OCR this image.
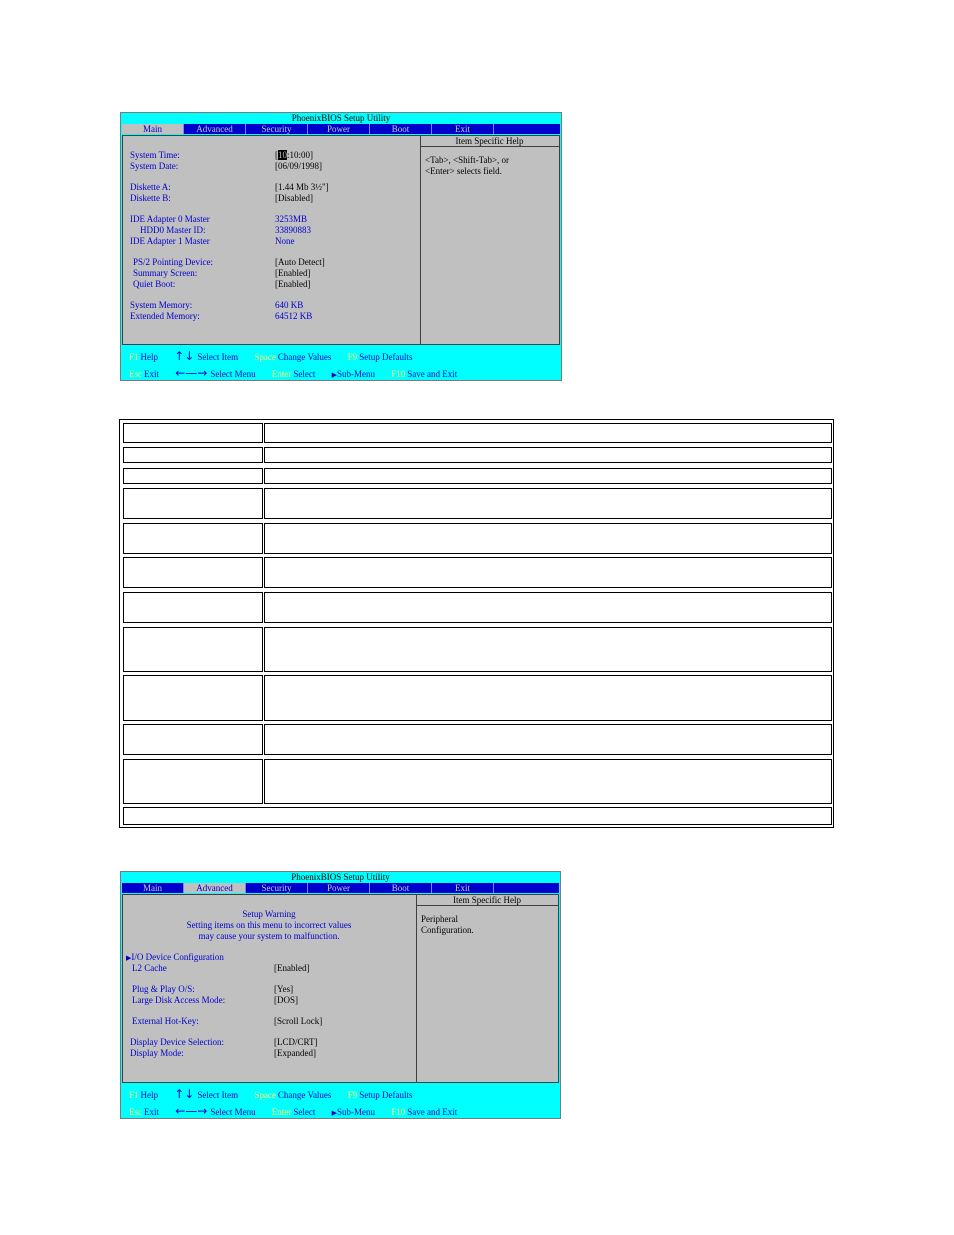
PhoenixBIOS Setup Utility
Main	Advanced	Security	Power	Boot	Exit
System Time:	[10:10:00]
System Date:	[06/09/1998]
Diskette A:	[1.44 Mb 3½"]
Diskette B:	[Disabled]
IDE Adapter 0 Master	3253MB
HDD0 Master ID:	33890883
IDE Adapter 1 Master	None
PS/2 Pointing Device:	[Auto Detect]
Summary Screen:	[Enabled]
Quiet Boot:	[Enabled]
System Memory:	640 KB
Extended Memory:	64512 KB
Item Specific Help
<Tab>, <Shift-Tab>, or
<Enter> selects field.
F1 Help ↑↓ Select Item Space Change Values F9 Setup Defaults
Esc Exit ←—→ Select Menu Enter Select ▶Sub-Menu F10 Save and Exit
PhoenixBIOS Setup Utility
Main	Advanced	Security	Power	Boot	Exit
Setup Warning
Setting items on this menu to incorrect values
may cause your system to malfunction.
▶I/O Device Configuration
L2 Cache	[Enabled]
Plug & Play O/S:	[Yes]
Large Disk Access Mode:	[DOS]
External Hot-Key:	[Scroll Lock]
Display Device Selection:	[LCD/CRT]
Display Mode:	[Expanded]
Item Specific Help
Peripheral
Configuration.
F1 Help ↑↓ Select Item Space Change Values F9 Setup Defaults
Esc Exit ←—→ Select Menu Enter Select ▶Sub-Menu F10 Save and Exit
